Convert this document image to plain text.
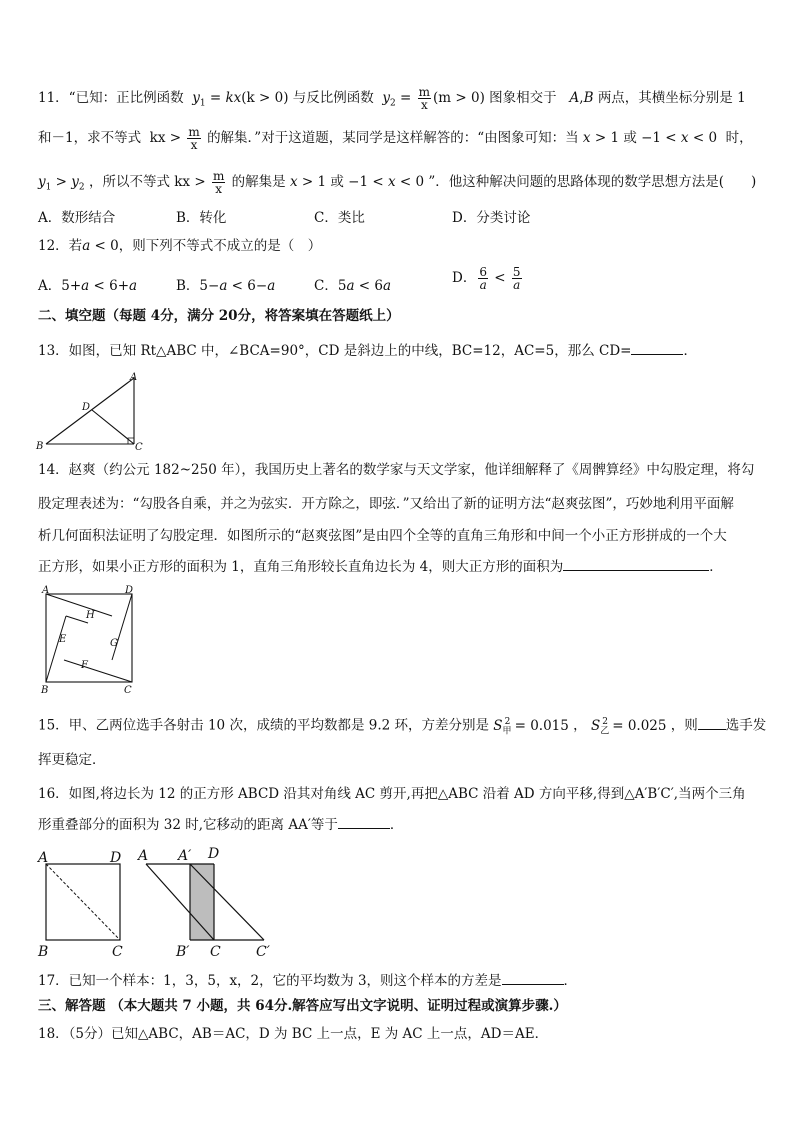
11．“已知：正比例函数 $y_1 = kx(k > 0)$ 与反比例函数 $y_2 = \frac{m}{x} (m > 0)$ 图象相交于 A,B 两点，其横坐标分别是 1
和－1，求不等式  kx > $\frac{m}{x}$ 的解集．”对于这道题，某同学是这样解答的：“由图象可知：当 x > 1 或 −1 < x < 0  时，
$y_1 > y_2$ ，所以不等式 kx > $\frac{m}{x}$ 的解集是 x > 1 或 −1 < x < 0 ”．他这种解决问题的思路体现的数学思想方法是(　　)
A．数形结合	B．转化	C．类比	D．分类讨论
12．若a < 0，则下列不等式不成立的是（　）
A．5+a < 6+a	B．5−a < 6−a	C．5a < 6a	D． $\frac{6}{a} < \frac{5}{a}$
二、填空题（每题 4分，满分 20分，将答案填在答题纸上）
13．如图，已知 Rt△ABC 中，∠BCA=90°，CD 是斜边上的中线，BC=12，AC=5，那么 CD=	．
A
B	C
D
14．赵爽（约公元 182~250 年），我国历史上著名的数学家与天文学家，他详细解释了《周髀算经》中勾股定理，将勾
股定理表述为：“勾股各自乘，并之为弦实．开方除之，即弦．”又给出了新的证明方法“赵爽弦图”，巧妙地利用平面解
析几何面积法证明了勾股定理．如图所示的“赵爽弦图”是由四个全等的直角三角形和中间一个小正方形拼成的一个大
正方形，如果小正方形的面积为 1，直角三角形较长直角边长为 4，则大正方形的面积为	．
A	D
B	C
H
E	G
F
15．甲、乙两位选手各射击 10 次，成绩的平均数都是 9.2 环，方差分别是 $S_甲^2 = 0.015$ ， $S_乙^2 = 0.025$ ，则 选手发
挥更稳定．
16．如图,将边长为 12 的正方形 ABCD 沿其对角线 AC 剪开,再把△ABC 沿着 AD 方向平移,得到△A′B′C′,当两个三角
形重叠部分的面积为 32 时,它移动的距离 AA′等于	．
A	D
B	C
A A′ D
B′ C	C′
17．已知一个样本：1，3，5，x，2，它的平均数为 3，则这个样本的方差是	．
三、解答题 （本大题共 7 小题，共 64分.解答应写出文字说明、证明过程或演算步骤.）
18．（5分）已知△ABC，AB＝AC，D 为 BC 上一点，E 为 AC 上一点，AD＝AE．
